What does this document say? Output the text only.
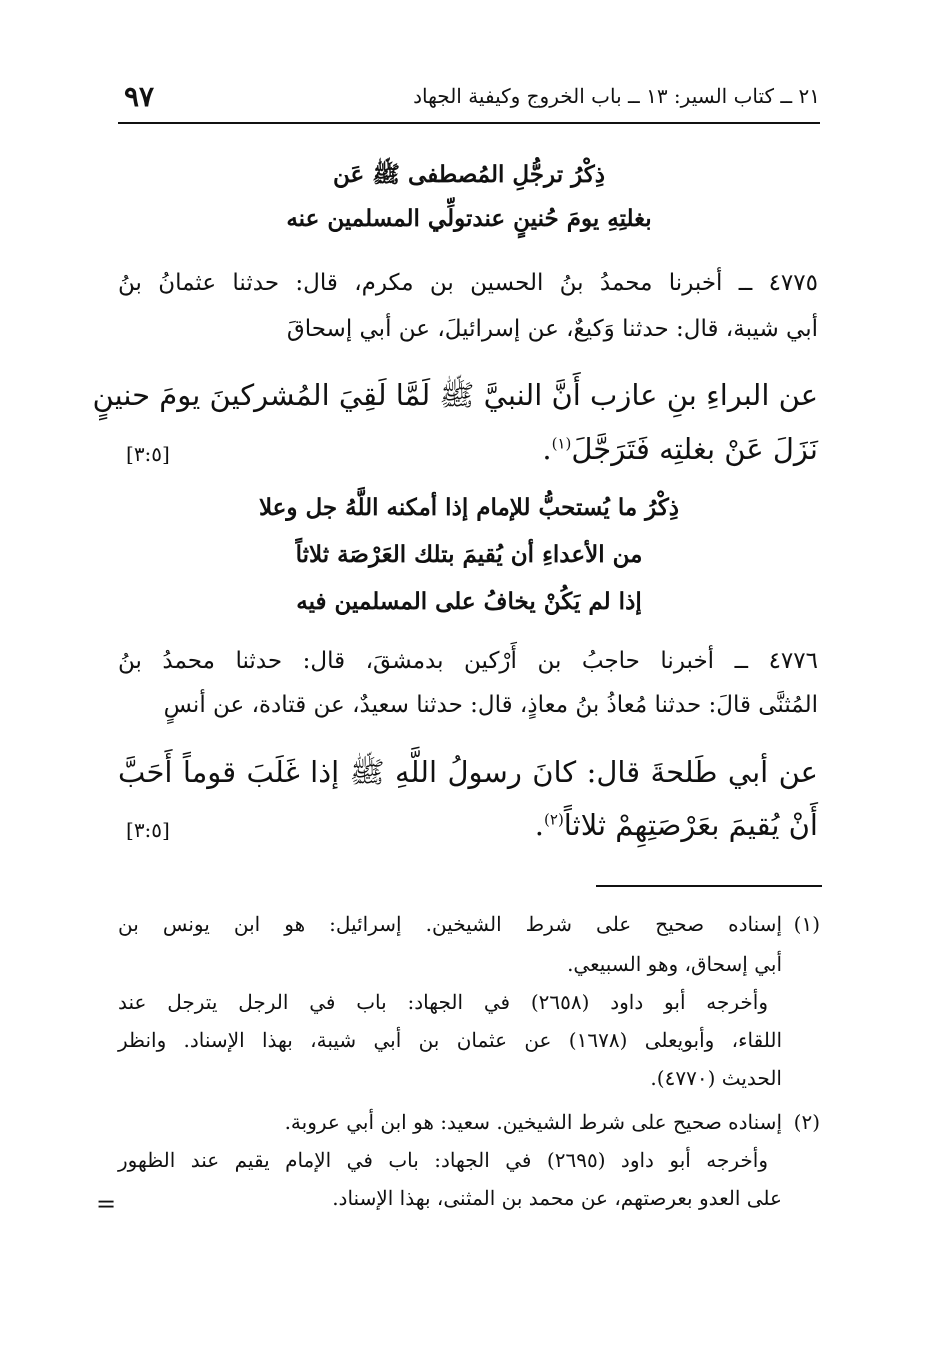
٢١ ــ كتاب السير: ١٣ ــ باب الخروج وكيفية الجهاد
٩٧
ذِكْرُ ترجُّلِ المُصطفى ﷺ عَن
بغلتِهِ يومَ حُنينٍ عندتولِّي المسلمين عنه
٤٧٧٥ ــ أخبرنا محمدُ بنُ الحسين بن مكرم، قال: حدثنا عثمانُ بنُ
أبي شيبة، قال: حدثنا وَكيعٌ، عن إسرائيلَ، عن أبي إسحاقَ
عن البراءِ بنِ عازب أَنَّ النبيَّ ﷺ لَمَّا لَقِيَ المُشركينَ يومَ حنينٍ
نَزَلَ عَنْ بغلتِه فَتَرَجَّلَ$^{(١)}$.
[٣:٥]
ذِكْرُ ما يُستحبُّ للإمام إذا أمكنه اللَّهُ جل وعلا
من الأعداءِ أن يُقيمَ بتلك العَرْصَة ثلاثاً
إذا لم يَكُنْ يخافُ على المسلمين فيه
٤٧٧٦ ــ أخبرنا حاجبُ بن أَرْكين بدمشقَ، قال: حدثنا محمدُ بنُ
المُثنَّى قالَ: حدثنا مُعاذُ بنُ معاذٍ، قال: حدثنا سعيدٌ، عن قتادة، عن أنسٍ
عن أبي طَلحةَ قال: كانَ رسولُ اللَّهِ ﷺ إذا غَلَبَ قوماً أَحَبَّ
أَنْ يُقيمَ بعَرْصَتِهِمْ ثلاثاً$^{(٢)}$.
[٣:٥]
(١)
إسناده صحيح على شرط الشيخين. إسرائيل: هو ابن يونس بن
أبي إسحاق، وهو السبيعي.
وأخرجه أبو داود (٢٦٥٨) في الجهاد: باب في الرجل يترجل عند
اللقاء، وأبويعلى (١٦٧٨) عن عثمان بن أبي شيبة، بهذا الإسناد. وانظر
الحديث (٤٧٧٠).
(٢)
إسناده صحيح على شرط الشيخين. سعيد: هو ابن أبي عروبة.
وأخرجه أبو داود (٢٦٩٥) في الجهاد: باب في الإمام يقيم عند الظهور
على العدو بعرصتهم، عن محمد بن المثنى، بهذا الإسناد.
=
